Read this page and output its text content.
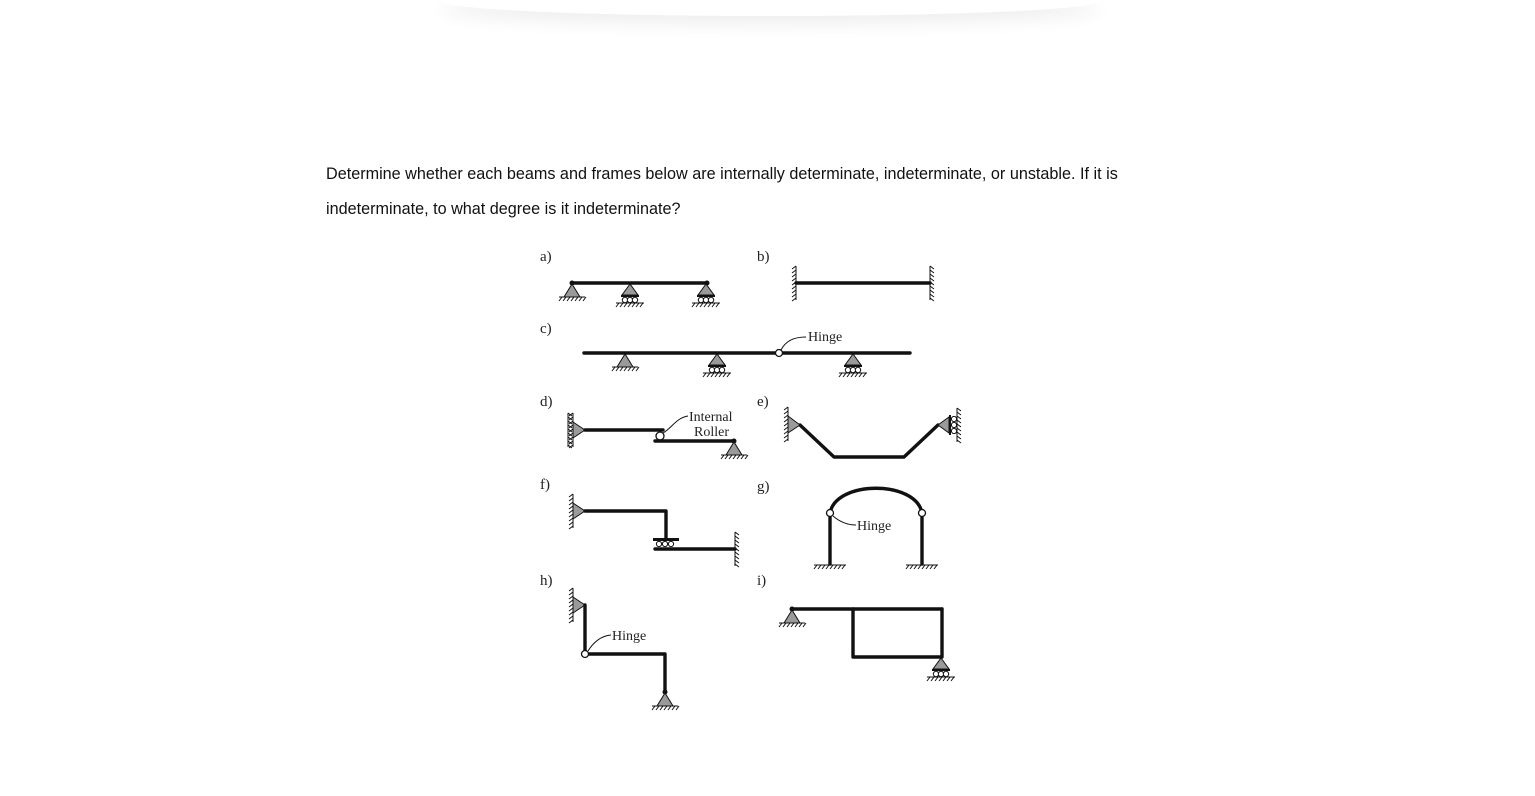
Determine whether each beams and frames below are internally determinate, indeterminate, or unstable. If it is

indeterminate, to what degree is it indeterminate?

a)	b)
c)
Hinge
d)
Internal
Roller
e)
f)	g)
Hinge
h)
Hinge
i)
